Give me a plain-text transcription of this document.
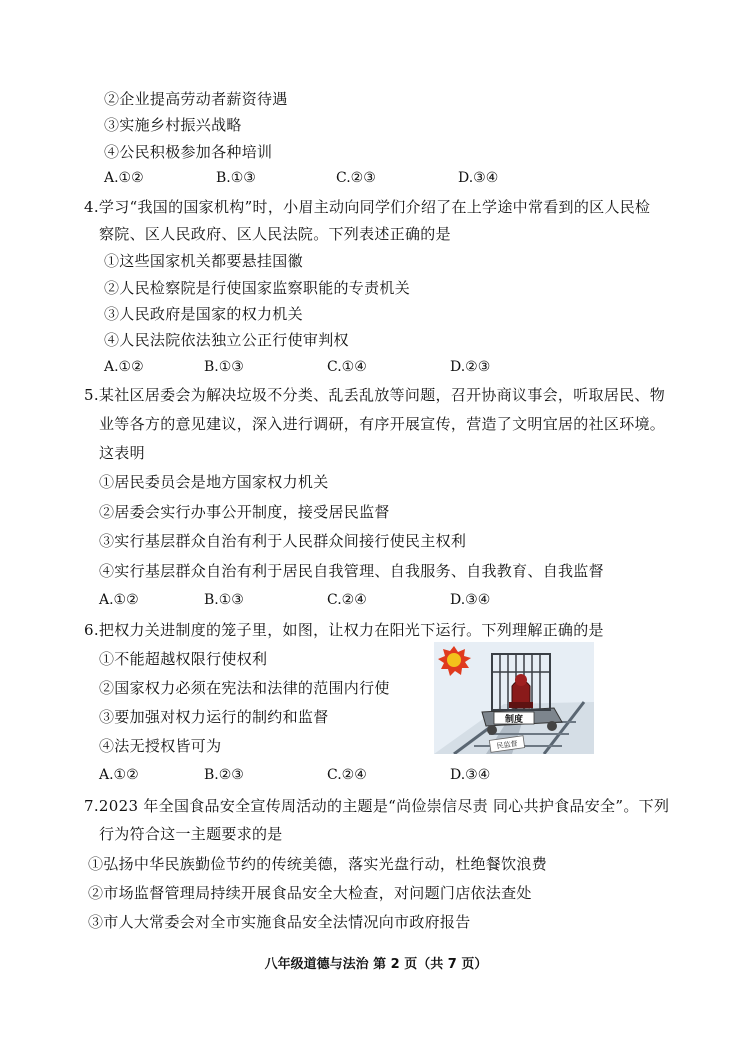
②企业提高劳动者薪资待遇
③实施乡村振兴战略
④公民积极参加各种培训
A.①②	B.①③	C.②③	D.③④
4.学习“我国的国家机构”时，小眉主动向同学们介绍了在上学途中常看到的区人民检
察院、区人民政府、区人民法院。下列表述正确的是
①这些国家机关都要悬挂国徽
②人民检察院是行使国家监察职能的专责机关
③人民政府是国家的权力机关
④人民法院依法独立公正行使审判权
A.①②	B.①③	C.①④	D.②③
5.某社区居委会为解决垃圾不分类、乱丢乱放等问题，召开协商议事会，听取居民、物
业等各方的意见建议，深入进行调研，有序开展宣传，营造了文明宜居的社区环境。
这表明
①居民委员会是地方国家权力机关
②居委会实行办事公开制度，接受居民监督
③实行基层群众自治有利于人民群众间接行使民主权利
④实行基层群众自治有利于居民自我管理、自我服务、自我教育、自我监督
A.①②	B.①③	C.②④	D.③④
6.把权力关进制度的笼子里，如图，让权力在阳光下运行。下列理解正确的是
①不能超越权限行使权利
②国家权力必须在宪法和法律的范围内行使
③要加强对权力运行的制约和监督
④法无授权皆可为
A.①②	B.②③	C.②④	D.③④
民监督
制度
7.2023 年全国食品安全宣传周活动的主题是“尚俭崇信尽责 同心共护食品安全”。下列
行为符合这一主题要求的是
①弘扬中华民族勤俭节约的传统美德，落实光盘行动，杜绝餐饮浪费
②市场监督管理局持续开展食品安全大检查，对问题门店依法查处
③市人大常委会对全市实施食品安全法情况向市政府报告
八年级道德与法治 第 2 页（共 7 页）
